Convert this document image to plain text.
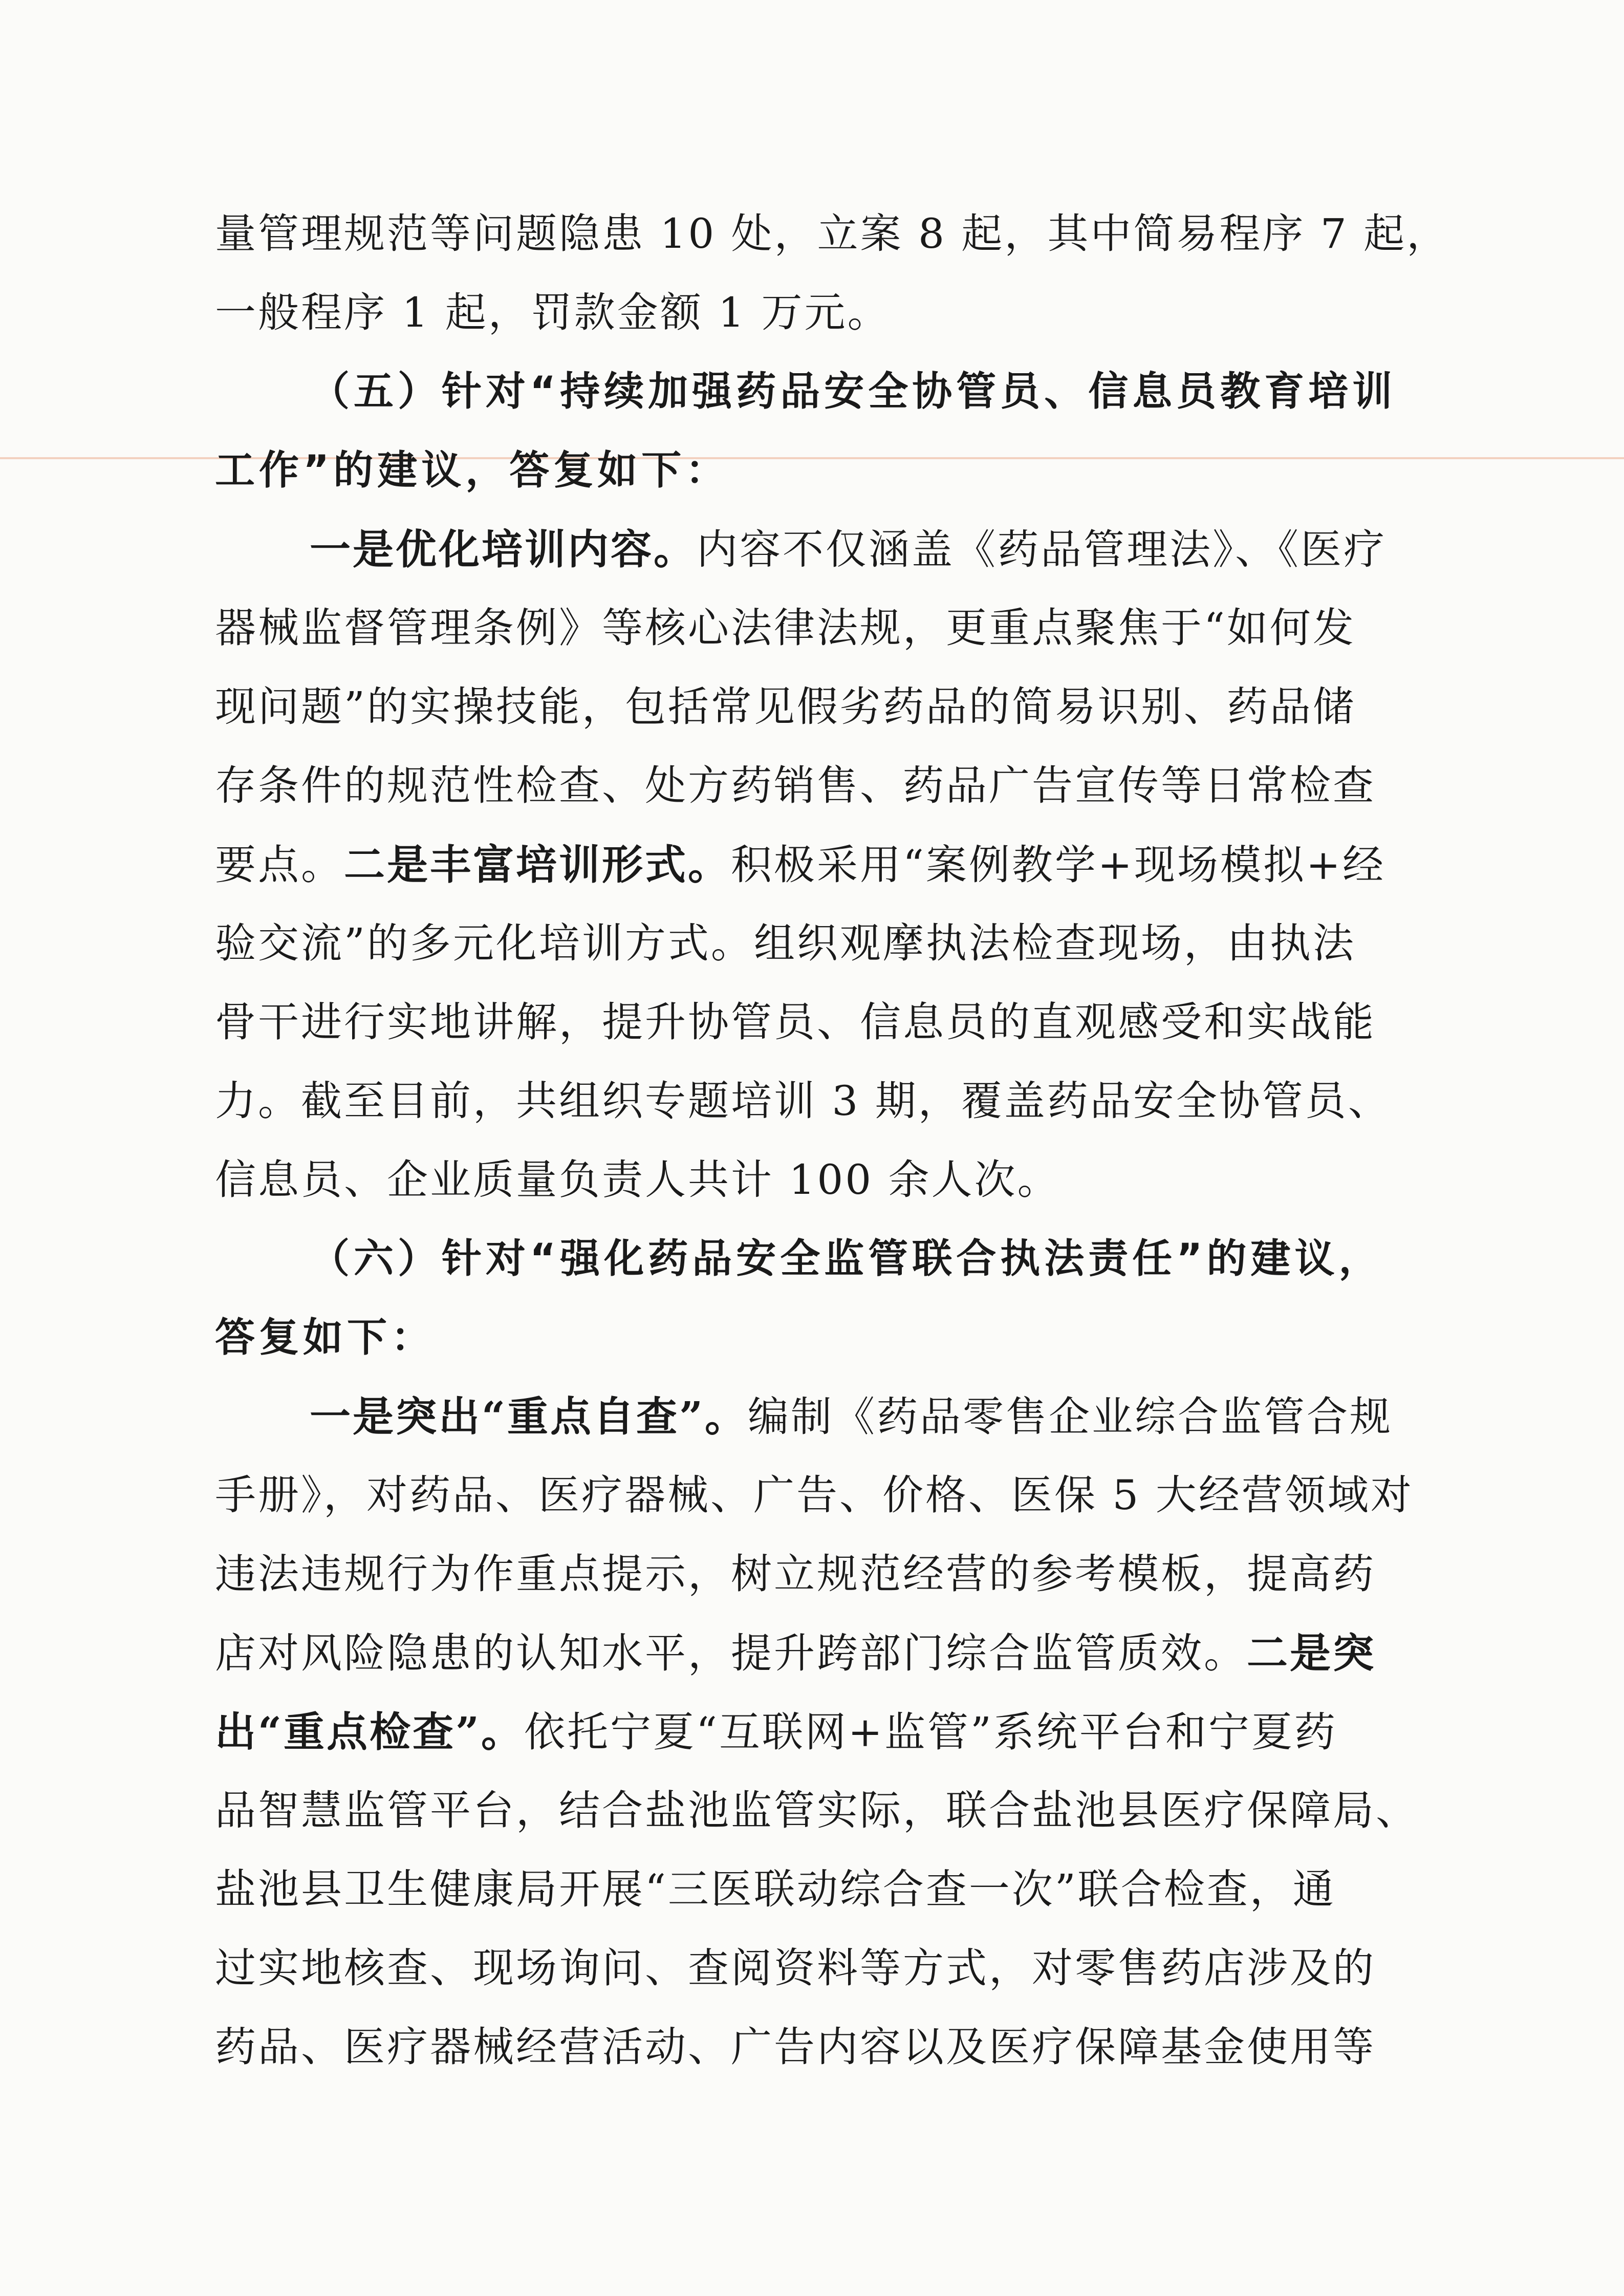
量管理规范等问题隐患 10 处，立案 8 起，其中简易程序 7 起，
一般程序 1 起，罚款金额 1 万元。
（五）针对“持续加强药品安全协管员、信息员教育培训
工作”的建议，答复如下：
一是优化培训内容。内容不仅涵盖《药品管理法》、《医疗
器械监督管理条例》等核心法律法规，更重点聚焦于“如何发
现问题”的实操技能，包括常见假劣药品的简易识别、药品储
存条件的规范性检查、处方药销售、药品广告宣传等日常检查
要点。二是丰富培训形式。积极采用“案例教学+现场模拟+经
验交流”的多元化培训方式。组织观摩执法检查现场，由执法
骨干进行实地讲解，提升协管员、信息员的直观感受和实战能
力。截至目前，共组织专题培训 3 期，覆盖药品安全协管员、
信息员、企业质量负责人共计 100 余人次。
（六）针对“强化药品安全监管联合执法责任”的建议，
答复如下：
一是突出“重点自查”。编制《药品零售企业综合监管合规
手册》，对药品、医疗器械、广告、价格、医保 5 大经营领域对
违法违规行为作重点提示，树立规范经营的参考模板，提高药
店对风险隐患的认知水平，提升跨部门综合监管质效。二是突
出“重点检查”。依托宁夏“互联网+监管”系统平台和宁夏药
品智慧监管平台，结合盐池监管实际，联合盐池县医疗保障局、
盐池县卫生健康局开展“三医联动综合查一次”联合检查，通
过实地核查、现场询问、查阅资料等方式，对零售药店涉及的
药品、医疗器械经营活动、广告内容以及医疗保障基金使用等
